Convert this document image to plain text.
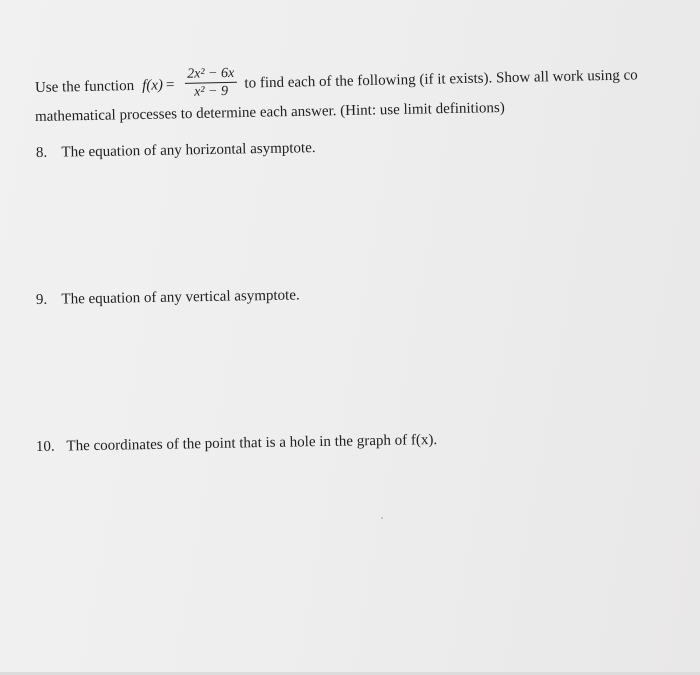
Use the function $f(x) = \frac{\text{2x² − 6x}}{\text{x² − 9}}$ to find each of the following (if it exists). Show all work using co
mathematical processes to determine each answer. (Hint: use limit definitions)
8. The equation of any horizontal asymptote.
9. The equation of any vertical asymptote.
10. The coordinates of the point that is a hole in the graph of f(x).
